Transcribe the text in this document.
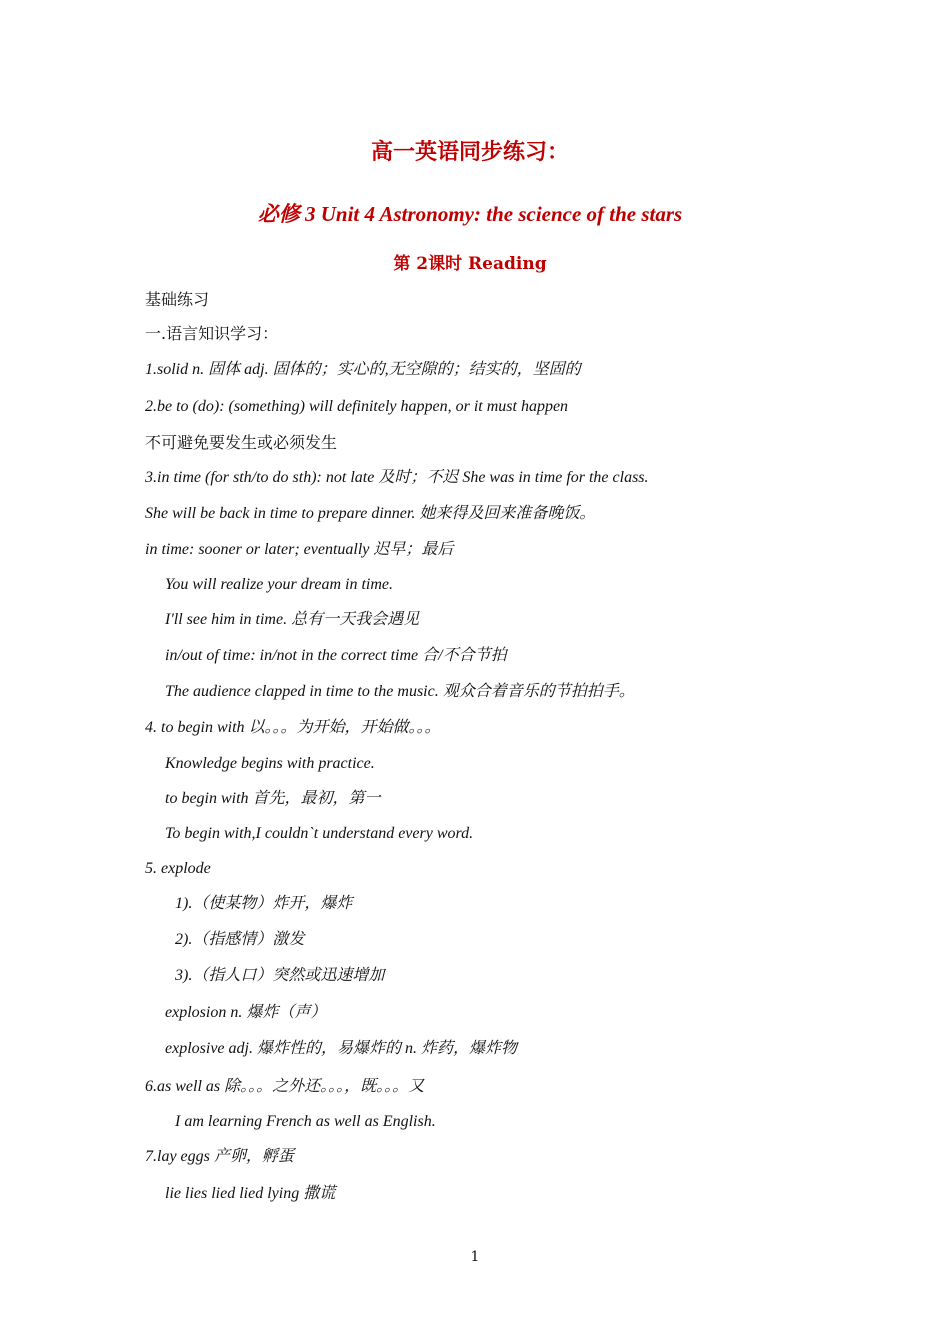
高一英语同步练习：
必修 3 Unit 4 Astronomy: the science of the stars
第 2课时 Reading
基础练习
一.语言知识学习：
1.solid n. 固体 adj. 固体的；实心的,无空隙的；结实的，坚固的
2.be to (do): (something) will definitely happen, or it must happen
不可避免要发生或必须发生
3.in time (for sth/to do sth): not late 及时；不迟 She was in time for the class.
She will be back in time to prepare dinner. 她来得及回来准备晚饭。
in time: sooner or later; eventually 迟早；最后
You will realize your dream in time.
I'll see him in time. 总有一天我会遇见
in/out of time: in/not in the correct time 合/不合节拍
The audience clapped in time to the music. 观众合着音乐的节拍拍手。
4. to begin with 以。。。为开始，开始做。。。
Knowledge begins with practice.
to begin with 首先，最初，第一
To begin with,I couldn`t understand every word.
5. explode
1).（使某物）炸开，爆炸
2).（指感情）激发
3).（指人口）突然或迅速增加
explosion n. 爆炸（声）
explosive adj. 爆炸性的，易爆炸的 n. 炸药，爆炸物
6.as well as 除。。。之外还。。。，既。。。又
I am learning French as well as English.
7.lay eggs 产卵，孵蛋
lie lies lied lied lying 撒谎
1
